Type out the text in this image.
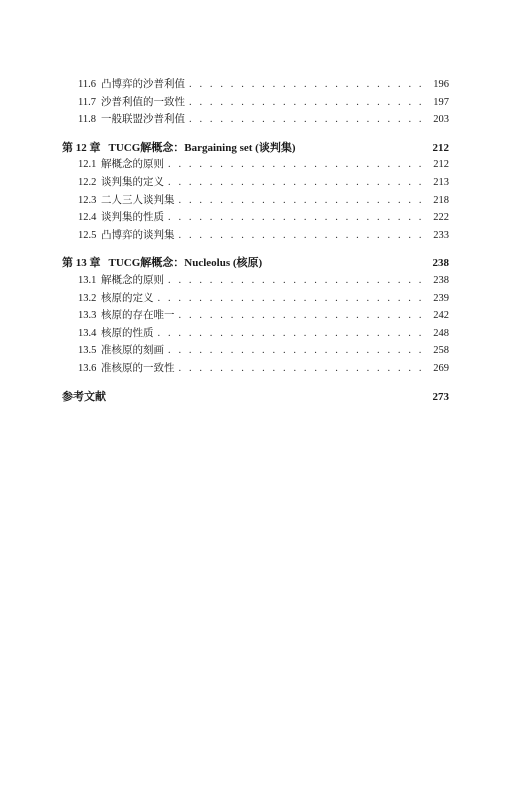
11.6 凸博弈的沙普利值 . . .	196
11.7 沙普利值的一致性 . . .	197
11.8 一般联盟沙普利值 . . .	203
第 12 章 TUCG解概念：Bargaining set (谈判集)	212
12.1 解概念的原则 . . .	212
12.2 谈判集的定义 . . .	213
12.3 二人三人谈判集 . . .	218
12.4 谈判集的性质 . . .	222
12.5 凸博弈的谈判集 . . .	233
第 13 章 TUCG解概念：Nucleolus (核原)	238
13.1 解概念的原则 . . .	238
13.2 核原的定义 . . .	239
13.3 核原的存在唯一 . . .	242
13.4 核原的性质 . . .	248
13.5 准核原的刻画 . . .	258
13.6 准核原的一致性 . . .	269
参考文献	273
